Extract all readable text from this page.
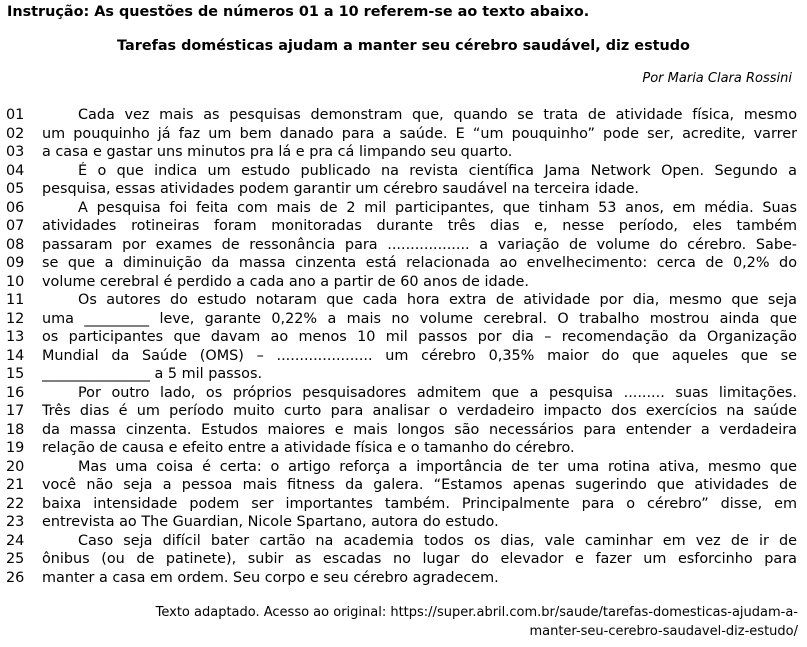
Instrução: As questões de números 01 a 10 referem-se ao texto abaixo.
Tarefas domésticas ajudam a manter seu cérebro saudável, diz estudo
Por Maria Clara Rossini
01	Cada vez mais as pesquisas demonstram que, quando se trata de atividade física, mesmo
02	um pouquinho já faz um bem danado para a saúde. E “um pouquinho” pode ser, acredite, varrer
03	a casa e gastar uns minutos pra lá e pra cá limpando seu quarto.
04	É o que indica um estudo publicado na revista científica Jama Network Open. Segundo a
05	pesquisa, essas atividades podem garantir um cérebro saudável na terceira idade.
06	A pesquisa foi feita com mais de 2 mil participantes, que tinham 53 anos, em média. Suas
07	atividades rotineiras foram monitoradas durante três dias e, nesse período, eles também
08	passaram por exames de ressonância para .................. a variação de volume do cérebro. Sabe-
09	se que a diminuição da massa cinzenta está relacionada ao envelhecimento: cerca de 0,2% do
10	volume cerebral é perdido a cada ano a partir de 60 anos de idade.
11	Os autores do estudo notaram que cada hora extra de atividade por dia, mesmo que seja
12	uma _________ leve, garante 0,22% a mais no volume cerebral. O trabalho mostrou ainda que
13	os participantes que davam ao menos 10 mil passos por dia – recomendação da Organização
14	Mundial da Saúde (OMS) – ..................... um cérebro 0,35% maior do que aqueles que se
15	_______________ a 5 mil passos.
16	Por outro lado, os próprios pesquisadores admitem que a pesquisa ......... suas limitações.
17	Três dias é um período muito curto para analisar o verdadeiro impacto dos exercícios na saúde
18	da massa cinzenta. Estudos maiores e mais longos são necessários para entender a verdadeira
19	relação de causa e efeito entre a atividade física e o tamanho do cérebro.
20	Mas uma coisa é certa: o artigo reforça a importância de ter uma rotina ativa, mesmo que
21	você não seja a pessoa mais fitness da galera. “Estamos apenas sugerindo que atividades de
22	baixa intensidade podem ser importantes também. Principalmente para o cérebro” disse, em
23	entrevista ao The Guardian, Nicole Spartano, autora do estudo.
24	Caso seja difícil bater cartão na academia todos os dias, vale caminhar em vez de ir de
25	ônibus (ou de patinete), subir as escadas no lugar do elevador e fazer um esforcinho para
26	manter a casa em ordem. Seu corpo e seu cérebro agradecem.
Texto adaptado. Acesso ao original: https://super.abril.com.br/saude/tarefas-domesticas-ajudam-a-
manter-seu-cerebro-saudavel-diz-estudo/
